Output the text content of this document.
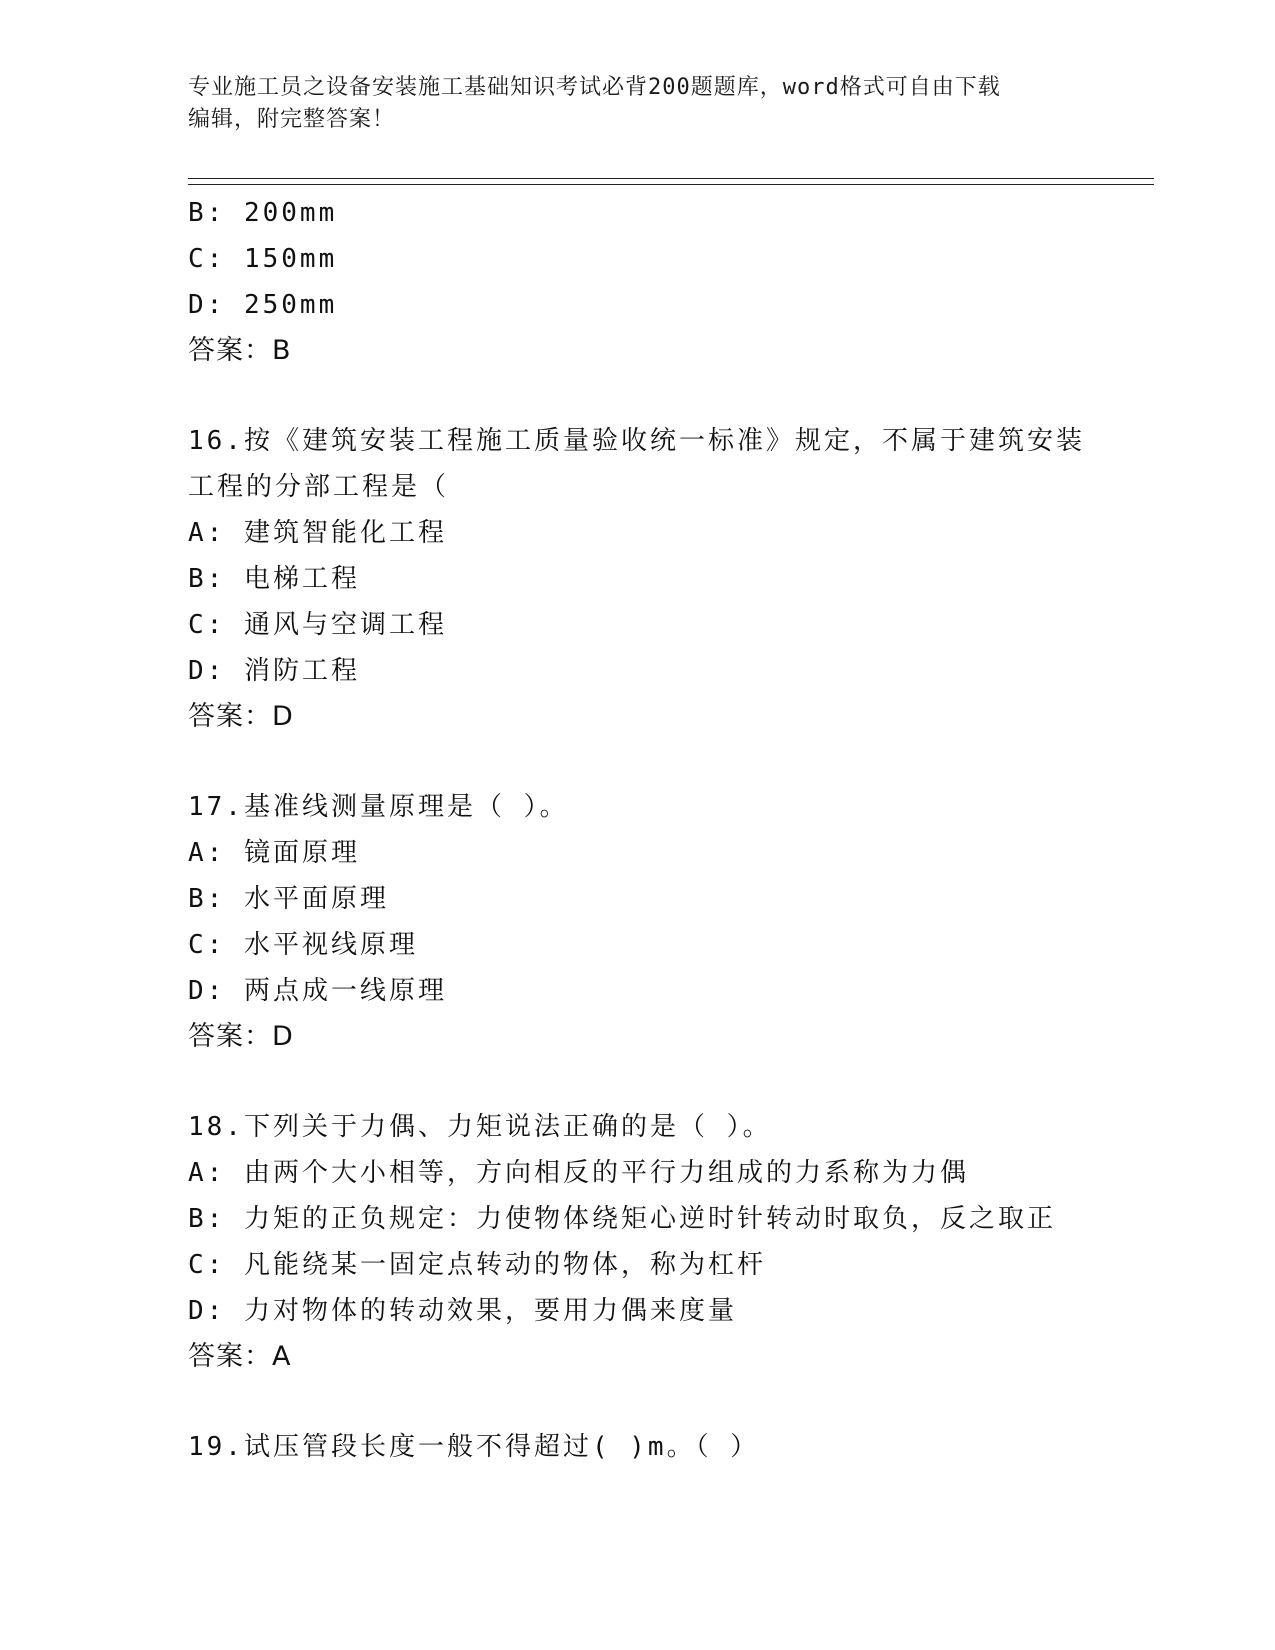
专业施工员之设备安装施工基础知识考试必背200题题库，word格式可自由下载
编辑，附完整答案！
B: 200mm
C: 150mm
D: 250mm
答案：B
16.按《建筑安装工程施工质量验收统一标准》规定，不属于建筑安装
工程的分部工程是（
A: 建筑智能化工程
B: 电梯工程
C: 通风与空调工程
D: 消防工程
答案：D
17.基准线测量原理是（ ）。
A: 镜面原理
B: 水平面原理
C: 水平视线原理
D: 两点成一线原理
答案：D
18.下列关于力偶、力矩说法正确的是（ ）。
A: 由两个大小相等，方向相反的平行力组成的力系称为力偶
B: 力矩的正负规定：力使物体绕矩心逆时针转动时取负，反之取正
C: 凡能绕某一固定点转动的物体，称为杠杆
D: 力对物体的转动效果，要用力偶来度量
答案：A
19.试压管段长度一般不得超过( )m。（ ）
